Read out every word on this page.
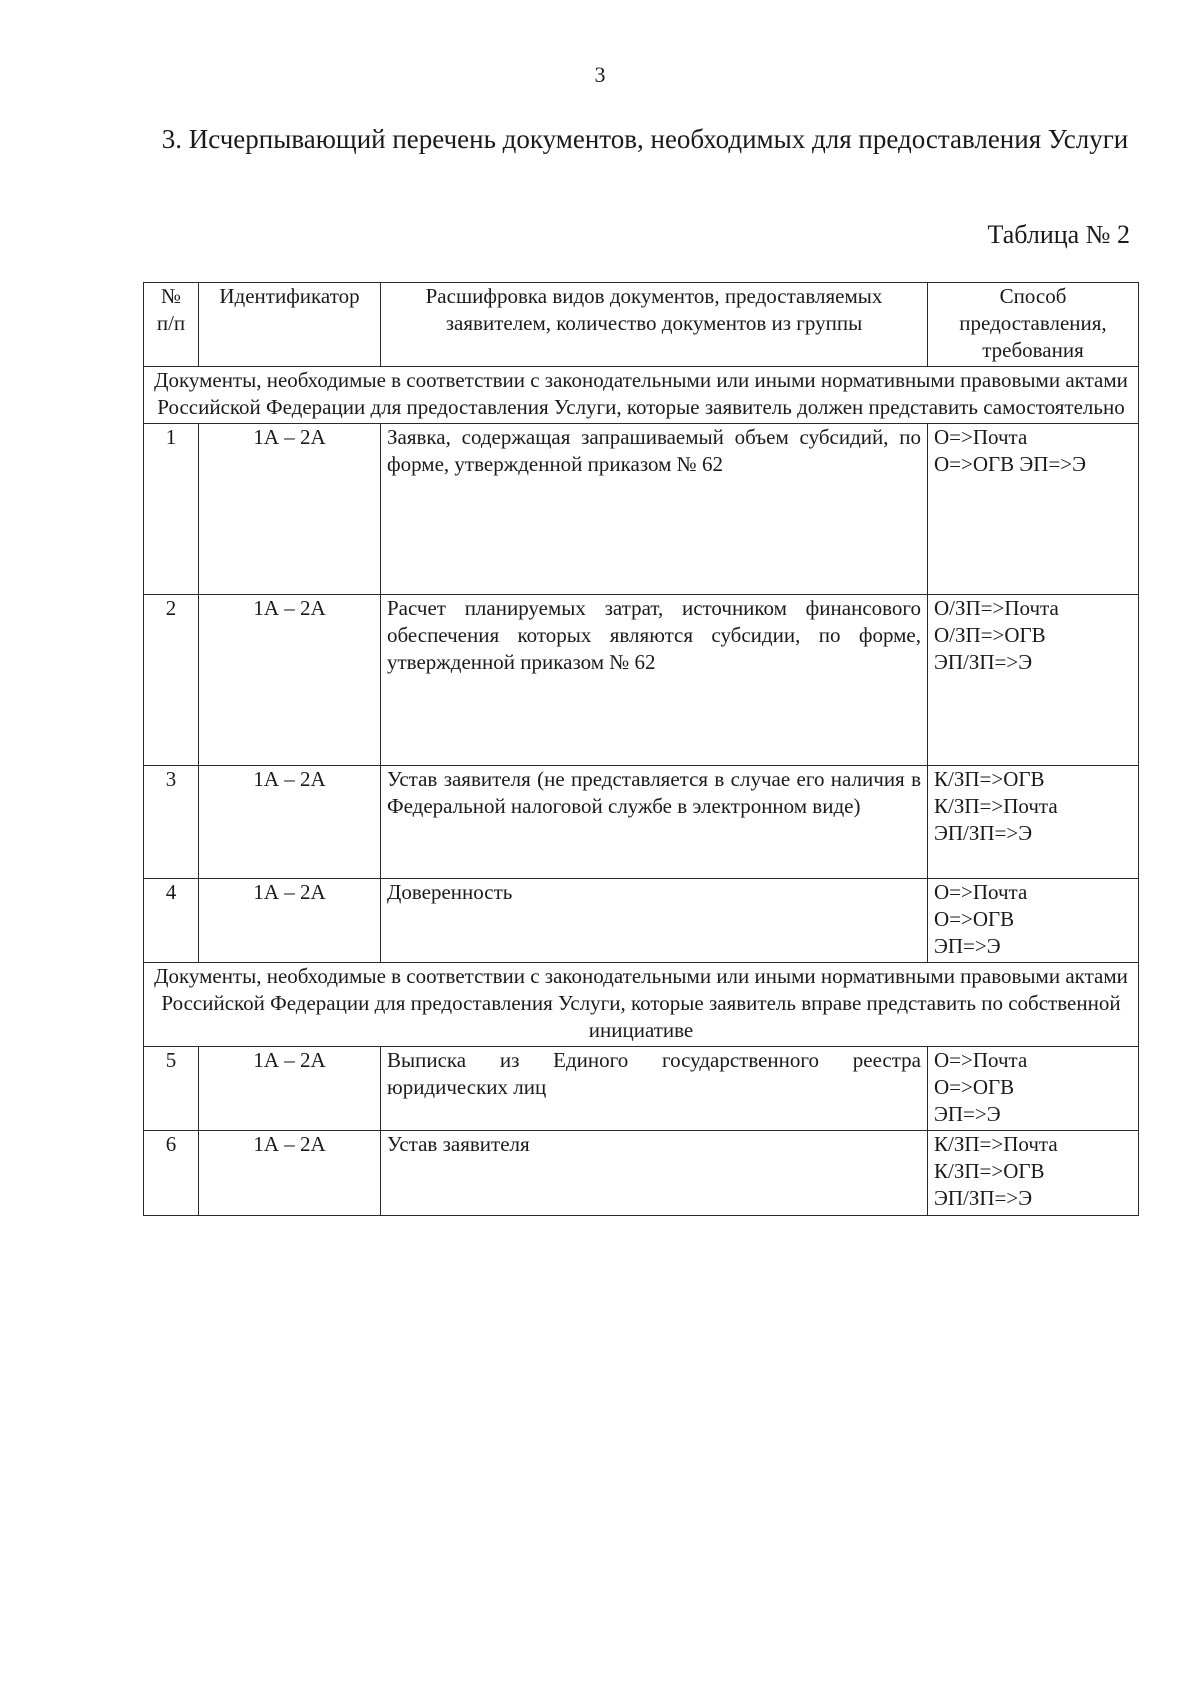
3
3. Исчерпывающий перечень документов, необходимых для предоставления Услуги
Таблица № 2
№ п/п	Идентификатор	Расшифровка видов документов, предоставляемых заявителем, количество документов из группы	Способ предоставления, требования
Документы, необходимые в соответствии с законодательными или иными нормативными правовыми актами Российской Федерации для предоставления Услуги, которые заявитель должен представить самостоятельно			
1	1А – 2А	Заявка, содержащая запрашиваемый объем субсидий, по форме, утвержденной приказом № 62	О=>Почта
О=>ОГВ ЭП=>Э

2	1А – 2А	Расчет планируемых затрат, источником финансового обеспечения которых являются субсидии, по форме, утвержденной приказом № 62	О/ЗП=>Почта
О/ЗП=>ОГВ
ЭП/ЗП=>Э

3	1А – 2А	Устав заявителя (не представляется в случае его наличия в Федеральной налоговой службе в электронном виде)	К/ЗП=>ОГВ
К/ЗП=>Почта
ЭП/ЗП=>Э

4	1А – 2А	Доверенность	О=>Почта
О=>ОГВ
ЭП=>Э

Документы, необходимые в соответствии с законодательными или иными нормативными правовыми актами Российской Федерации для предоставления Услуги, которые заявитель вправе представить по собственной инициативе			
5	1А – 2А	Выписка из Единого государственного реестра юридических лиц	О=>Почта
О=>ОГВ
ЭП=>Э

6	1А – 2А	Устав заявителя	К/ЗП=>Почта
К/ЗП=>ОГВ
ЭП/ЗП=>Э
